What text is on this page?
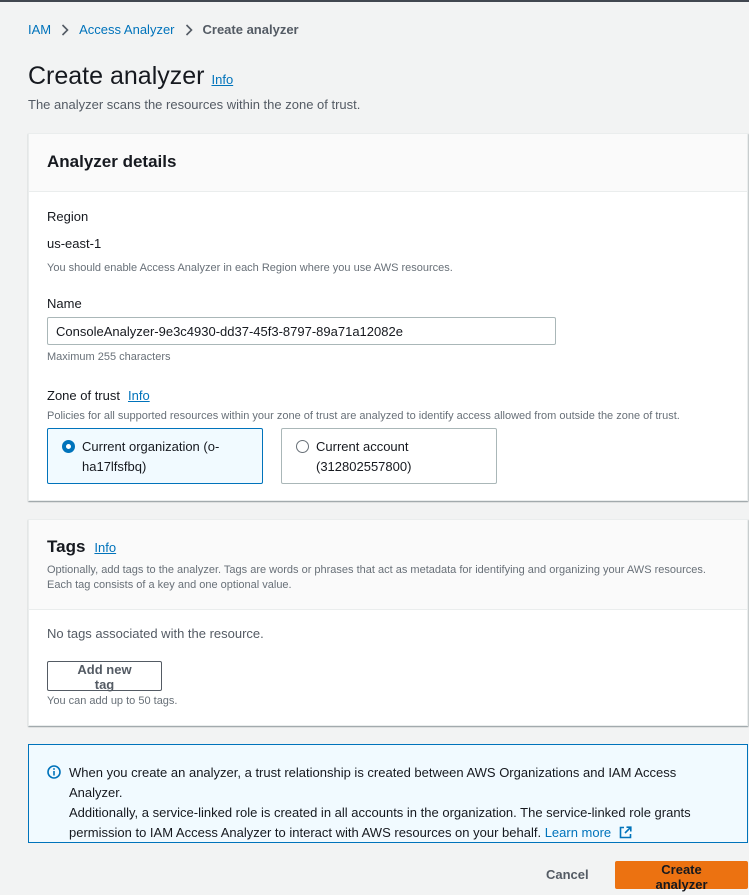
IAM Access Analyzer Create analyzer
Create analyzer Info
The analyzer scans the resources within the zone of trust.
Analyzer details
Region
us-east-1
You should enable Access Analyzer in each Region where you use AWS resources.
Name
ConsoleAnalyzer-9e3c4930-dd37-45f3-8797-89a71a12082e
Maximum 255 characters
Zone of trust Info
Policies for all supported resources within your zone of trust are analyzed to identify access allowed from outside the zone of trust.
Current organization (o-
ha17lfsfbq)
Current account
(312802557800)
Tags Info
Optionally, add tags to the analyzer. Tags are words or phrases that act as metadata for identifying and organizing your AWS resources.
Each tag consists of a key and one optional value.
No tags associated with the resource.
Add new tag
You can add up to 50 tags.
When you create an analyzer, a trust relationship is created between AWS Organizations and IAM Access Analyzer.
Additionally, a service-linked role is created in all accounts in the organization. The service-linked role grants
permission to IAM Access Analyzer to interact with AWS resources on your behalf. Learn more
Cancel	Create analyzer
